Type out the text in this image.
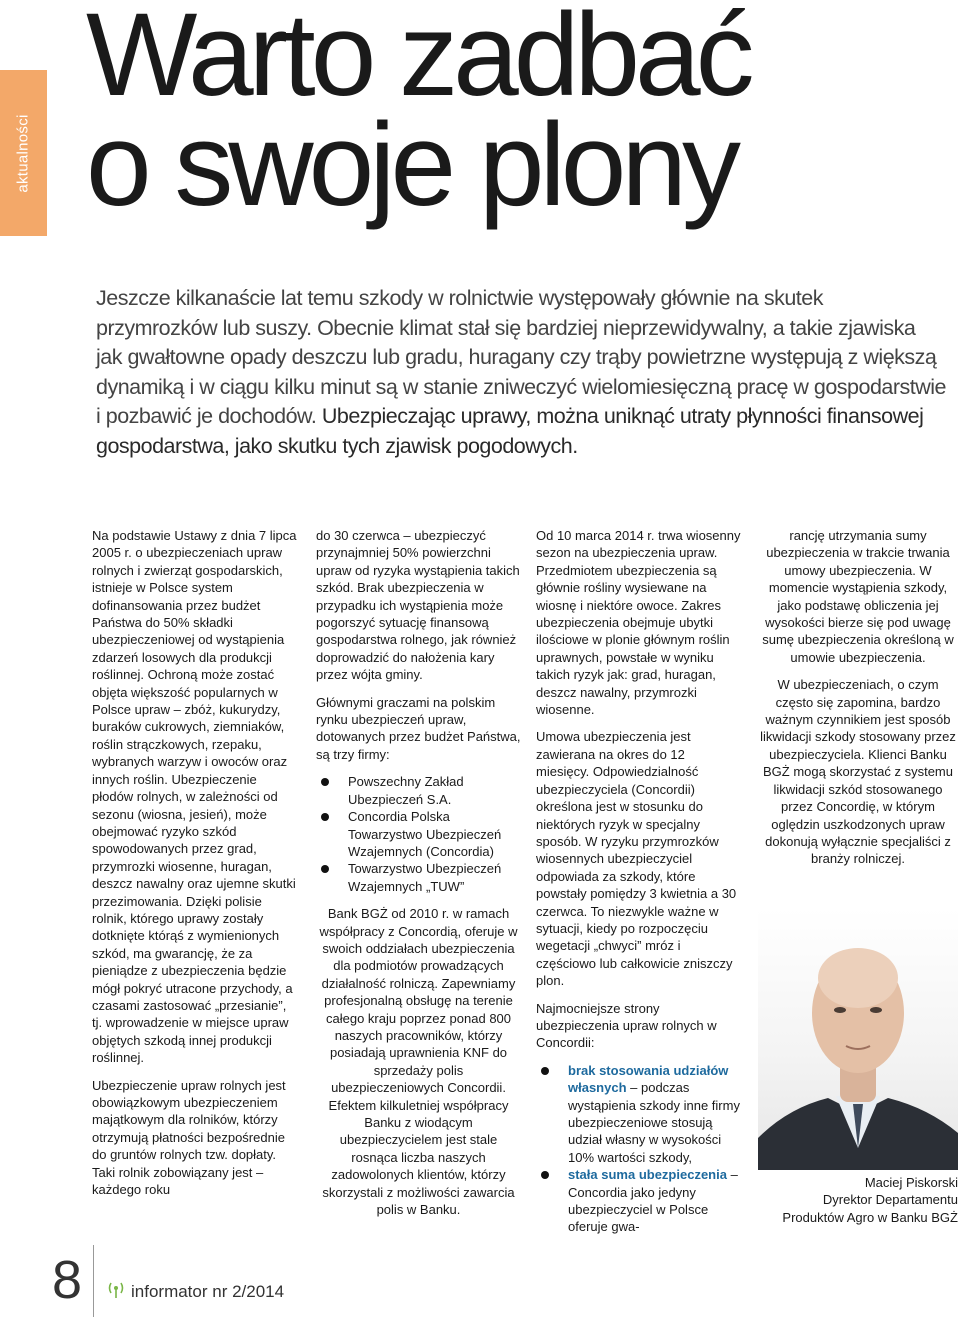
aktualności
Warto zadbać
o swoje plony

Jeszcze kilkanaście lat temu szkody w rolnictwie występowały głównie na skutek przymrozków lub suszy. Obecnie klimat stał się bardziej nieprzewidywalny, a takie zjawiska jak gwałtowne opady deszczu lub gradu, huragany czy trąby powietrzne występują z większą dynamiką i w ciągu kilku minut są w stanie zniweczyć wielomiesięczną pracę w gospodarstwie i pozbawić je dochodów. Ubezpieczając uprawy, można uniknąć utraty płynności finansowej gospodarstwa, jako skutku tych zjawisk pogodowych.

Na podstawie Ustawy z dnia 7 lipca 2005 r. o ubezpieczeniach upraw rolnych i zwierząt gospodarskich, istnieje w Polsce system dofinansowania przez budżet Państwa do 50% składki ubezpieczeniowej od wystąpienia zdarzeń losowych dla produkcji roślinnej. Ochroną może zostać objęta większość popularnych w Polsce upraw – zbóż, kukurydzy, buraków cukrowych, ziemniaków, roślin strączkowych, rzepaku, wybranych warzyw i owoców oraz innych roślin. Ubezpieczenie płodów rolnych, w zależności od sezonu (wiosna, jesień), może obejmować ryzyko szkód spowodowanych przez grad, przymrozki wiosenne, huragan, deszcz nawalny oraz ujemne skutki przezimowania. Dzięki polisie rolnik, którego uprawy zostały dotknięte którąś z wymienionych szkód, ma gwarancję, że za pieniądze z ubezpieczenia będzie mógł pokryć utracone przychody, a czasami zastosować „przesianie”, tj. wprowadzenie w miejsce upraw objętych szkodą innej produkcji roślinnej.

Ubezpieczenie upraw rolnych jest obowiązkowym ubezpieczeniem majątkowym dla rolników, którzy otrzymują płatności bezpośrednie do gruntów rolnych tzw. dopłaty. Taki rolnik zobowiązany jest – każdego roku

do 30 czerwca – ubezpieczyć przynajmniej 50% powierzchni upraw od ryzyka wystąpienia takich szkód. Brak ubezpieczenia w przypadku ich wystąpienia może pogorszyć sytuację finansową gospodarstwa rolnego, jak również doprowadzić do nałożenia kary przez wójta gminy.

Głównymi graczami na polskim rynku ubezpieczeń upraw, dotowanych przez budżet Państwa, są trzy firmy:

Powszechny Zakład Ubezpieczeń S.A.
Concordia Polska Towarzystwo Ubezpieczeń Wzajemnych (Concordia)
Towarzystwo Ubezpieczeń Wzajemnych „TUW”

Bank BGŻ od 2010 r. w ramach współpracy z Concordią, oferuje w swoich oddziałach ubezpieczenia dla podmiotów prowadzących działalność rolniczą. Zapewniamy profesjonalną obsługę na terenie całego kraju poprzez ponad 800 naszych pracowników, którzy posiadają uprawnienia KNF do sprzedaży polis ubezpieczeniowych Concordii. Efektem kilkuletniej współpracy Banku z wiodącym ubezpieczycielem jest stale rosnąca liczba naszych zadowolonych klientów, którzy skorzystali z możliwości zawarcia polis w Banku.

Od 10 marca 2014 r. trwa wiosenny sezon na ubezpieczenia upraw. Przedmiotem ubezpieczenia są głównie rośliny wysiewane na wiosnę i niektóre owoce. Zakres ubezpieczenia obejmuje ubytki ilościowe w plonie głównym roślin uprawnych, powstałe w wyniku takich ryzyk jak: grad, huragan, deszcz nawalny, przymrozki wiosenne.

Umowa ubezpieczenia jest zawierana na okres do 12 miesięcy. Odpowiedzialność ubezpieczyciela (Concordii) określona jest w stosunku do niektórych ryzyk w specjalny sposób. W ryzyku przymrozków wiosennych ubezpieczyciel odpowiada za szkody, które powstały pomiędzy 3 kwietnia a 30 czerwca. To niezwykle ważne w sytuacji, kiedy po rozpoczęciu wegetacji „chwyci” mróz i częściowo lub całkowicie zniszczy plon.

Najmocniejsze strony ubezpieczenia upraw rolnych w Concordii:

brak stosowania udziałów własnych – podczas wystąpienia szkody inne firmy ubezpieczeniowe stosują udział własny w wysokości 10% wartości szkody,
stała suma ubezpieczenia – Concordia jako jedyny ubezpieczyciel w Polsce oferuje gwa-

rancję utrzymania sumy ubezpieczenia w trakcie trwania umowy ubezpieczenia. W momencie wystąpienia szkody, jako podstawę obliczenia jej wysokości bierze się pod uwagę sumę ubezpieczenia określoną w umowie ubezpieczenia.

W ubezpieczeniach, o czym często się zapomina, bardzo ważnym czynnikiem jest sposób likwidacji szkody stosowany przez ubezpieczyciela. Klienci Banku BGŻ mogą skorzystać z systemu likwidacji szkód stosowanego przez Concordię, w którym oględzin uszkodzonych upraw dokonują wyłącznie specjaliści z branży rolniczej.

Maciej Piskorski
Dyrektor Departamentu
Produktów Agro w Banku BGŻ
8	informator nr 2/2014
